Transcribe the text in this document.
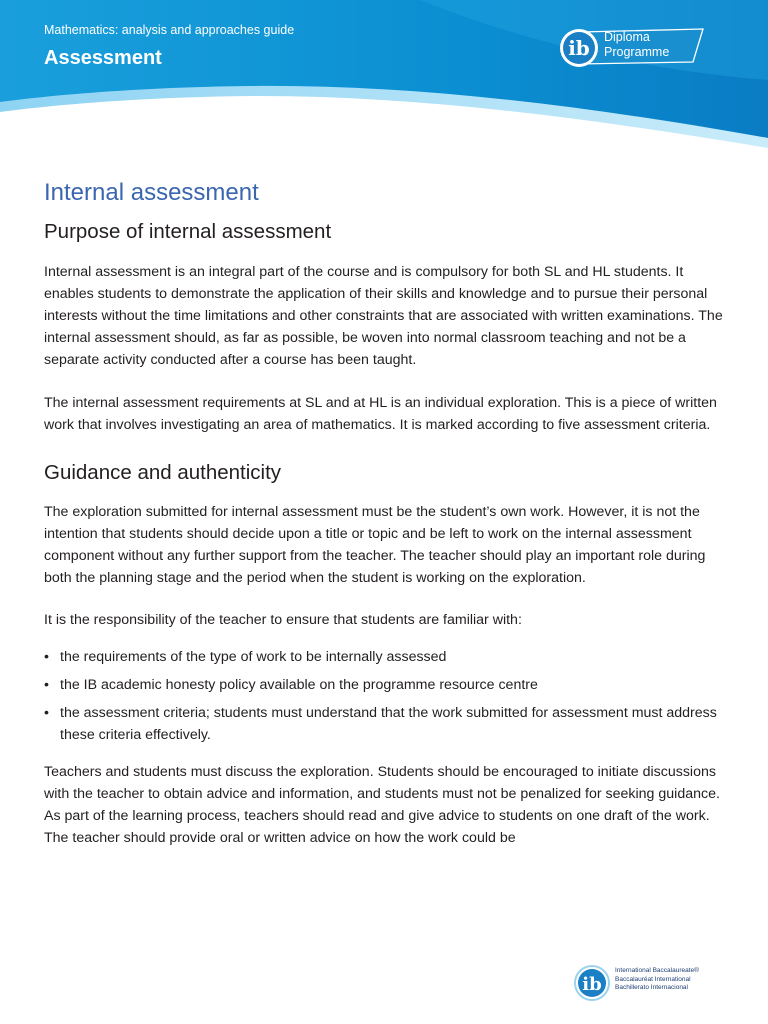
Mathematics: analysis and approaches guide
Assessment	ib Diploma
Programme
Internal assessment
Purpose of internal assessment

Internal assessment is an integral part of the course and is compulsory for both SL and HL students. It enables students to demonstrate the application of their skills and knowledge and to pursue their personal interests without the time limitations and other constraints that are associated with written examinations. The internal assessment should, as far as possible, be woven into normal classroom teaching and not be a separate activity conducted after a course has been taught.

The internal assessment requirements at SL and at HL is an individual exploration. This is a piece of written work that involves investigating an area of mathematics. It is marked according to five assessment criteria.

Guidance and authenticity

The exploration submitted for internal assessment must be the student’s own work. However, it is not the intention that students should decide upon a title or topic and be left to work on the internal assessment component without any further support from the teacher. The teacher should play an important role during both the planning stage and the period when the student is working on the exploration.

It is the responsibility of the teacher to ensure that students are familiar with:

• the requirements of the type of work to be internally assessed
• the IB academic honesty policy available on the programme resource centre
• the assessment criteria; students must understand that the work submitted for assessment must address these criteria effectively.

Teachers and students must discuss the exploration. Students should be encouraged to initiate discussions with the teacher to obtain advice and information, and students must not be penalized for seeking guidance. As part of the learning process, teachers should read and give advice to students on one draft of the work. The teacher should provide oral or written advice on how the work could be

ib
International Baccalaureate®
Baccalauréat International
Bachillerato Internacional
